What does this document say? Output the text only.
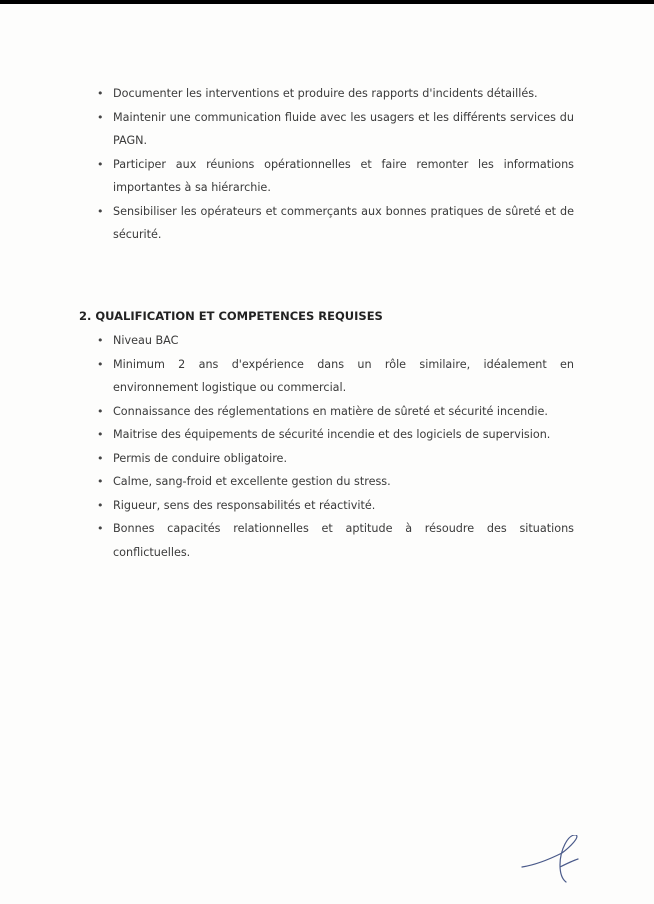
• Documenter les interventions et produire des rapports d'incidents détaillés.
• Maintenir une communication fluide avec les usagers et les différents services du PAGN.
• Participer aux réunions opérationnelles et faire remonter les informations importantes à sa hiérarchie.
• Sensibiliser les opérateurs et commerçants aux bonnes pratiques de sûreté et de sécurité.
2. QUALIFICATION ET COMPETENCES REQUISES
• Niveau BAC
• Minimum 2 ans d'expérience dans un rôle similaire, idéalement en environnement logistique ou commercial.
• Connaissance des réglementations en matière de sûreté et sécurité incendie.
• Maitrise des équipements de sécurité incendie et des logiciels de supervision.
• Permis de conduire obligatoire.
• Calme, sang-froid et excellente gestion du stress.
• Rigueur, sens des responsabilités et réactivité.
• Bonnes capacités relationnelles et aptitude à résoudre des situations conflictuelles.
